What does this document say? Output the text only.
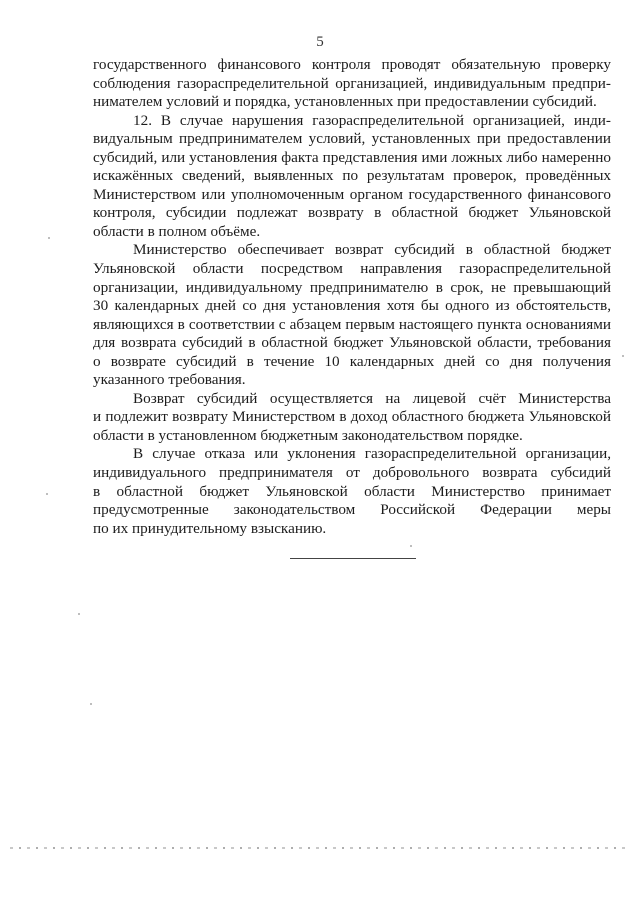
5
государственного финансового контроля проводят обязательную проверку
соблюдения газораспределительной организацией, индивидуальным предпри-
нимателем условий и порядка, установленных при предоставлении субсидий.
12. В случае нарушения газораспределительной организацией, инди-
видуальным предпринимателем условий, установленных при предоставлении
субсидий, или установления факта представления ими ложных либо намеренно
искажённых сведений, выявленных по результатам проверок, проведённых
Министерством или уполномоченным органом государственного финансового
контроля, субсидии подлежат возврату в областной бюджет Ульяновской
области в полном объёме.
Министерство обеспечивает возврат субсидий в областной бюджет
Ульяновской области посредством направления газораспределительной
организации, индивидуальному предпринимателю в срок, не превышающий
30 календарных дней со дня установления хотя бы одного из обстоятельств,
являющихся в соответствии с абзацем первым настоящего пункта основаниями
для возврата субсидий в областной бюджет Ульяновской области, требования
о возврате субсидий в течение 10 календарных дней со дня получения
указанного требования.
Возврат субсидий осуществляется на лицевой счёт Министерства
и подлежит возврату Министерством в доход областного бюджета Ульяновской
области в установленном бюджетным законодательством порядке.
В случае отказа или уклонения газораспределительной организации,
индивидуального предпринимателя от добровольного возврата субсидий
в областной бюджет Ульяновской области Министерство принимает
предусмотренные законодательством Российской Федерации меры
по их принудительному взысканию.
